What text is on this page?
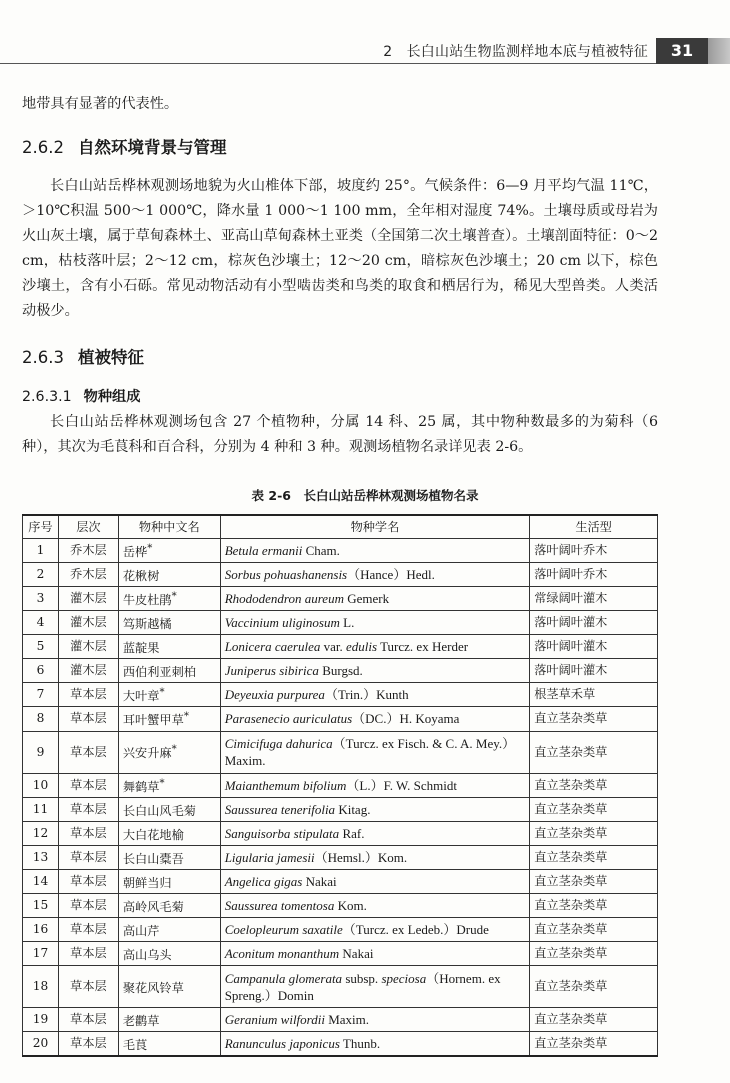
2　长白山站生物监测样地本底与植被特征	31

地带具有显著的代表性。

2.6.2 自然环境背景与管理

长白山站岳桦林观测场地貌为火山椎体下部，坡度约 25°。气候条件：6—9 月平均气温 11℃，＞10℃积温 500～1 000℃，降水量 1 000～1 100 mm，全年相对湿度 74%。土壤母质或母岩为火山灰土壤，属于草甸森林土、亚高山草甸森林土亚类（全国第二次土壤普查）。土壤剖面特征：0～2 cm，枯枝落叶层；2～12 cm，棕灰色沙壤土；12～20 cm，暗棕灰色沙壤土；20 cm 以下，棕色沙壤土，含有小石砾。常见动物活动有小型啮齿类和鸟类的取食和栖居行为，稀见大型兽类。人类活动极少。

2.6.3 植被特征
2.6.3.1 物种组成

长白山站岳桦林观测场包含 27 个植物种，分属 14 科、25 属，其中物种数最多的为菊科（6 种），其次为毛茛科和百合科，分别为 4 种和 3 种。观测场植物名录详见表 2-6。

表 2-6　长白山站岳桦林观测场植物名录
序号	层次	物种中文名	物种学名	生活型
1	乔木层	岳桦*	Betula ermanii Cham.	落叶阔叶乔木
2	乔木层	花楸树	Sorbus pohuashanensis（Hance）Hedl.	落叶阔叶乔木
3	灌木层	牛皮杜鹃*	Rhododendron aureum Gemerk	常绿阔叶灌木
4	灌木层	笃斯越橘	Vaccinium uliginosum L.	落叶阔叶灌木
5	灌木层	蓝靛果	Lonicera caerulea var. edulis Turcz. ex Herder	落叶阔叶灌木
6	灌木层	西伯利亚刺柏	Juniperus sibirica Burgsd.	落叶阔叶灌木
7	草本层	大叶章*	Deyeuxia purpurea（Trin.）Kunth	根茎草禾草
8	草本层	耳叶蟹甲草*	Parasenecio auriculatus（DC.）H. Koyama	直立茎杂类草
9	草本层	兴安升麻*	Cimicifuga dahurica（Turcz. ex Fisch. & C. A. Mey.）Maxim.	直立茎杂类草
10	草本层	舞鹤草*	Maianthemum bifolium（L.）F. W. Schmidt	直立茎杂类草
11	草本层	长白山风毛菊	Saussurea tenerifolia Kitag.	直立茎杂类草
12	草本层	大白花地榆	Sanguisorba stipulata Raf.	直立茎杂类草
13	草本层	长白山橐吾	Ligularia jamesii（Hemsl.）Kom.	直立茎杂类草
14	草本层	朝鲜当归	Angelica gigas Nakai	直立茎杂类草
15	草本层	高岭风毛菊	Saussurea tomentosa Kom.	直立茎杂类草
16	草本层	高山芹	Coelopleurum saxatile（Turcz. ex Ledeb.）Drude	直立茎杂类草
17	草本层	高山乌头	Aconitum monanthum Nakai	直立茎杂类草
18	草本层	聚花风铃草	Campanula glomerata subsp. speciosa（Hornem. ex Spreng.）Domin	直立茎杂类草
19	草本层	老鹳草	Geranium wilfordii Maxim.	直立茎杂类草
20	草本层	毛茛	Ranunculus japonicus Thunb.	直立茎杂类草
